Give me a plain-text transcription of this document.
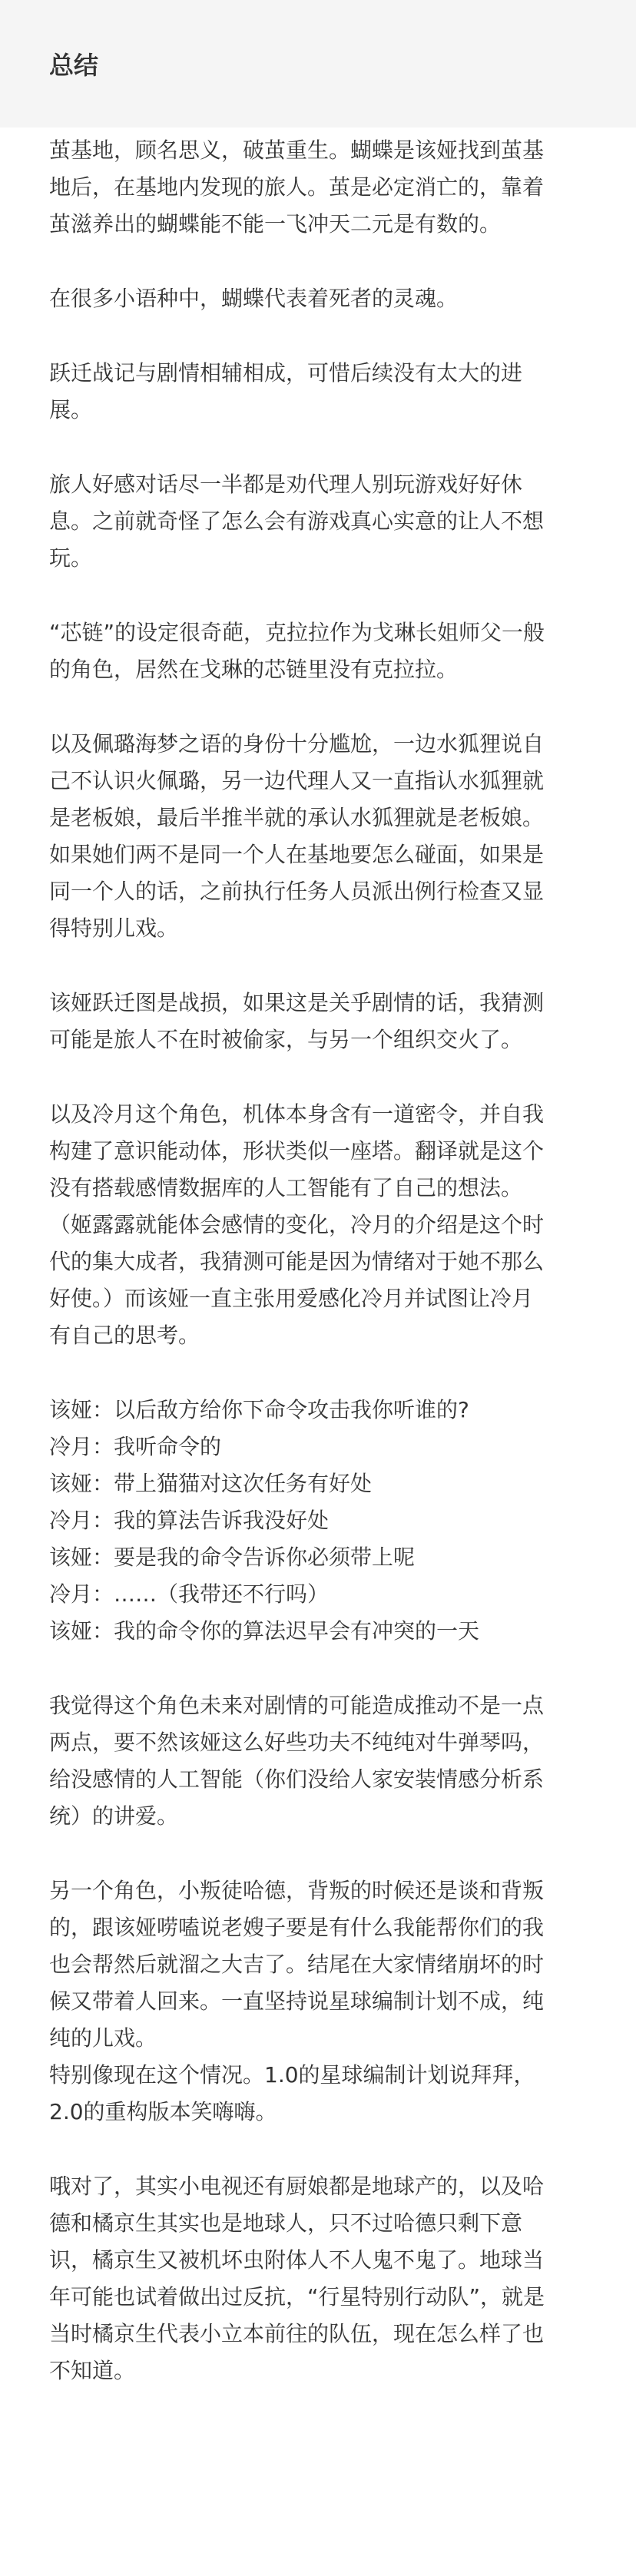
总结
茧基地，顾名思义，破茧重生。蝴蝶是该娅找到茧基
地后，在基地内发现的旅人。茧是必定消亡的，靠着
茧滋养出的蝴蝶能不能一飞冲天二元是有数的。
在很多小语种中，蝴蝶代表着死者的灵魂。
跃迁战记与剧情相辅相成，可惜后续没有太大的进
展。
旅人好感对话尽一半都是劝代理人别玩游戏好好休
息。之前就奇怪了怎么会有游戏真心实意的让人不想
玩。
“芯链”的设定很奇葩，克拉拉作为戈琳长姐师父一般
的角色，居然在戈琳的芯链里没有克拉拉。
以及佩璐海梦之语的身份十分尴尬，一边水狐狸说自
己不认识火佩璐，另一边代理人又一直指认水狐狸就
是老板娘，最后半推半就的承认水狐狸就是老板娘。
如果她们两不是同一个人在基地要怎么碰面，如果是
同一个人的话，之前执行任务人员派出例行检查又显
得特别儿戏。
该娅跃迁图是战损，如果这是关乎剧情的话，我猜测
可能是旅人不在时被偷家，与另一个组织交火了。
以及冷月这个角色，机体本身含有一道密令，并自我
构建了意识能动体，形状类似一座塔。翻译就是这个
没有搭载感情数据库的人工智能有了自己的想法。
（姬露露就能体会感情的变化，冷月的介绍是这个时
代的集大成者，我猜测可能是因为情绪对于她不那么
好使。）而该娅一直主张用爱感化冷月并试图让冷月
有自己的思考。
该娅：以后敌方给你下命令攻击我你听谁的?
冷月：我听命令的
该娅：带上猫猫对这次任务有好处
冷月：我的算法告诉我没好处
该娅：要是我的命令告诉你必须带上呢
冷月：……（我带还不行吗）
该娅：我的命令你的算法迟早会有冲突的一天
我觉得这个角色未来对剧情的可能造成推动不是一点
两点，要不然该娅这么好些功夫不纯纯对牛弹琴吗，
给没感情的人工智能（你们没给人家安装情感分析系
统）的讲爱。
另一个角色，小叛徒哈德，背叛的时候还是谈和背叛
的，跟该娅唠嗑说老嫂子要是有什么我能帮你们的我
也会帮然后就溜之大吉了。结尾在大家情绪崩坏的时
候又带着人回来。一直坚持说星球编制计划不成，纯
纯的儿戏。
特别像现在这个情况。1.0的星球编制计划说拜拜，
2.0的重构版本笑嗨嗨。
哦对了，其实小电视还有厨娘都是地球产的，以及哈
德和橘京生其实也是地球人，只不过哈德只剩下意
识，橘京生又被机坏虫附体人不人鬼不鬼了。地球当
年可能也试着做出过反抗，“行星特别行动队”，就是
当时橘京生代表小立本前往的队伍，现在怎么样了也
不知道。
